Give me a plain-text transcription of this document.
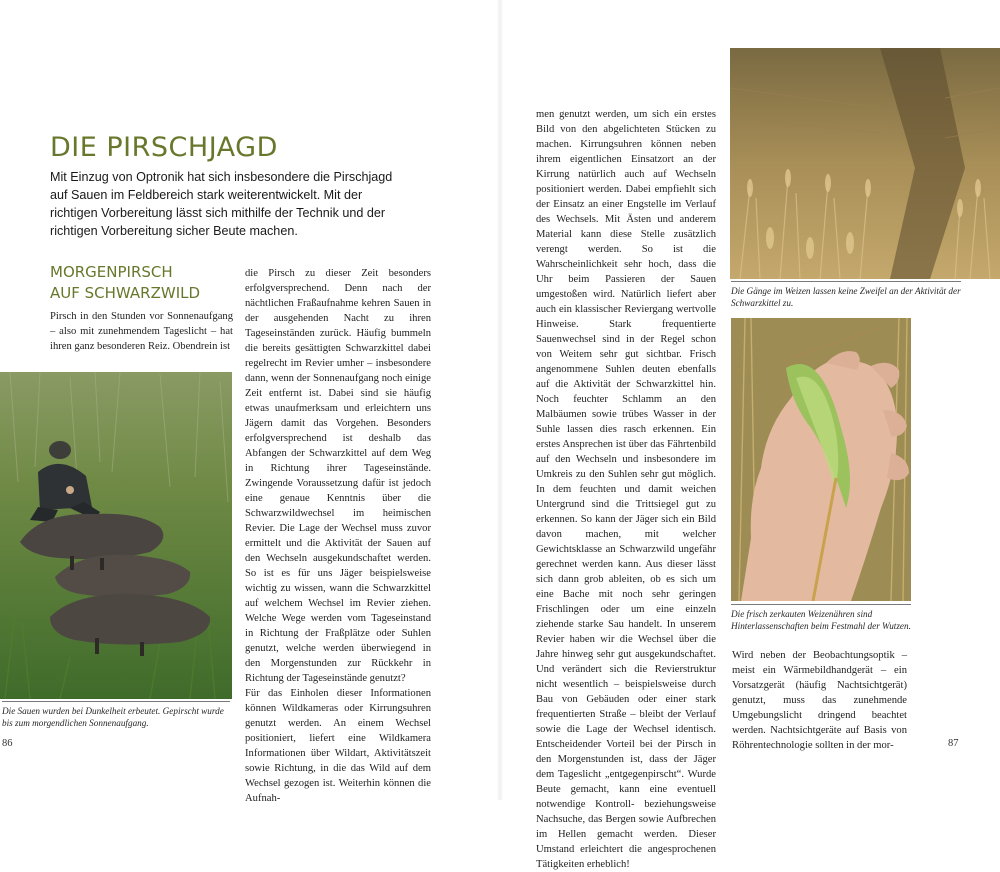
DIE PIRSCHJAGD

Mit Einzug von Optronik hat sich insbesondere die Pirschjagd auf Sauen im Feldbereich stark weiterentwickelt. Mit der richtigen Vorbereitung lässt sich mithilfe der Technik und der richtigen Vorbereitung sicher Beute machen.

MORGENPIRSCH
AUF SCHWARZWILD

Pirsch in den Stunden vor Sonnenaufgang – also mit zunehmendem Tageslicht – hat ihren ganz besonderen Reiz. Obendrein ist

Die Sauen wurden bei Dunkelheit erbeutet. Gepirscht wurde bis zum morgendlichen Sonnenaufgang.

die Pirsch zu dieser Zeit besonders erfolgversprechend. Denn nach der nächtlichen Fraßaufnahme kehren Sauen in der ausgehenden Nacht zu ihren Tageseinständen zurück. Häufig bummeln die bereits gesättigten Schwarzkittel dabei regelrecht im Revier umher – insbesondere dann, wenn der Sonnenaufgang noch einige Zeit entfernt ist. Dabei sind sie häufig etwas unaufmerksam und erleichtern uns Jägern damit das Vorgehen. Besonders erfolgversprechend ist deshalb das Abfangen der Schwarzkittel auf dem Weg in Richtung ihrer Tageseinstände. Zwingende Voraussetzung dafür ist jedoch eine genaue Kenntnis über die Schwarzwildwechsel im heimischen Revier. Die Lage der Wechsel muss zuvor ermittelt und die Aktivität der Sauen auf den Wechseln ausgekundschaftet werden. So ist es für uns Jäger beispielsweise wichtig zu wissen, wann die Schwarzkittel auf welchem Wechsel im Revier ziehen. Welche Wege werden vom Tageseinstand in Richtung der Fraßplätze oder Suhlen genutzt, welche werden überwiegend in den Morgenstunden zur Rückkehr in Richtung der Tageseinstände genutzt?

Für das Einholen dieser Informationen können Wildkameras oder Kirrungsuhren genutzt werden. An einem Wechsel positioniert, liefert eine Wildkamera Informationen über Wildart, Aktivitätszeit sowie Richtung, in die das Wild auf dem Wechsel gezogen ist. Weiterhin können die Aufnah-

86

men genutzt werden, um sich ein erstes Bild von den abgelichteten Stücken zu machen. Kirrungsuhren können neben ihrem eigentlichen Einsatzort an der Kirrung natürlich auch auf Wechseln positioniert werden. Dabei empfiehlt sich der Einsatz an einer Engstelle im Verlauf des Wechsels. Mit Ästen und anderem Material kann diese Stelle zusätzlich verengt werden. So ist die Wahrscheinlichkeit sehr hoch, dass die Uhr beim Passieren der Sauen umgestoßen wird. Natürlich liefert aber auch ein klassischer Reviergang wertvolle Hinweise. Stark frequentierte Sauenwechsel sind in der Regel schon von Weitem sehr gut sichtbar. Frisch angenommene Suhlen deuten ebenfalls auf die Aktivität der Schwarzkittel hin. Noch feuchter Schlamm an den Malbäumen sowie trübes Wasser in der Suhle lassen dies rasch erkennen. Ein erstes Ansprechen ist über das Fährtenbild auf den Wechseln und insbesondere im Umkreis zu den Suhlen sehr gut möglich. In dem feuchten und damit weichen Untergrund sind die Trittsiegel gut zu erkennen. So kann der Jäger sich ein Bild davon machen, mit welcher Gewichtsklasse an Schwarzwild ungefähr gerechnet werden kann. Aus dieser lässt sich dann grob ableiten, ob es sich um eine Bache mit noch sehr geringen Frischlingen oder um eine einzeln ziehende starke Sau handelt. In unserem Revier haben wir die Wechsel über die Jahre hinweg sehr gut ausgekundschaftet. Und verändert sich die Revierstruktur nicht wesentlich – beispielsweise durch Bau von Gebäuden oder einer stark frequentierten Straße – bleibt der Verlauf sowie die Lage der Wechsel identisch. Entscheidender Vorteil bei der Pirsch in den Morgenstunden ist, dass der Jäger dem Tageslicht „entgegenpirscht“. Wurde Beute gemacht, kann eine eventuell notwendige Kontroll- beziehungsweise Nachsuche, das Bergen sowie Aufbrechen im Hellen gemacht werden. Dieser Umstand erleichtert die angesprochenen Tätigkeiten erheblich!

Die Gänge im Weizen lassen keine Zweifel an der Aktivität der Schwarzkittel zu.

Die frisch zerkauten Weizenähren sind Hinterlassenschaften beim Festmahl der Wutzen.

Wird neben der Beobachtungsoptik – meist ein Wärmebildhandgerät – ein Vorsatzgerät (häufig Nachtsichtgerät) genutzt, muss das zunehmende Umgebungslicht dringend beachtet werden. Nachtsichtgeräte auf Basis von Röhrentechnologie sollten in der mor-	87
